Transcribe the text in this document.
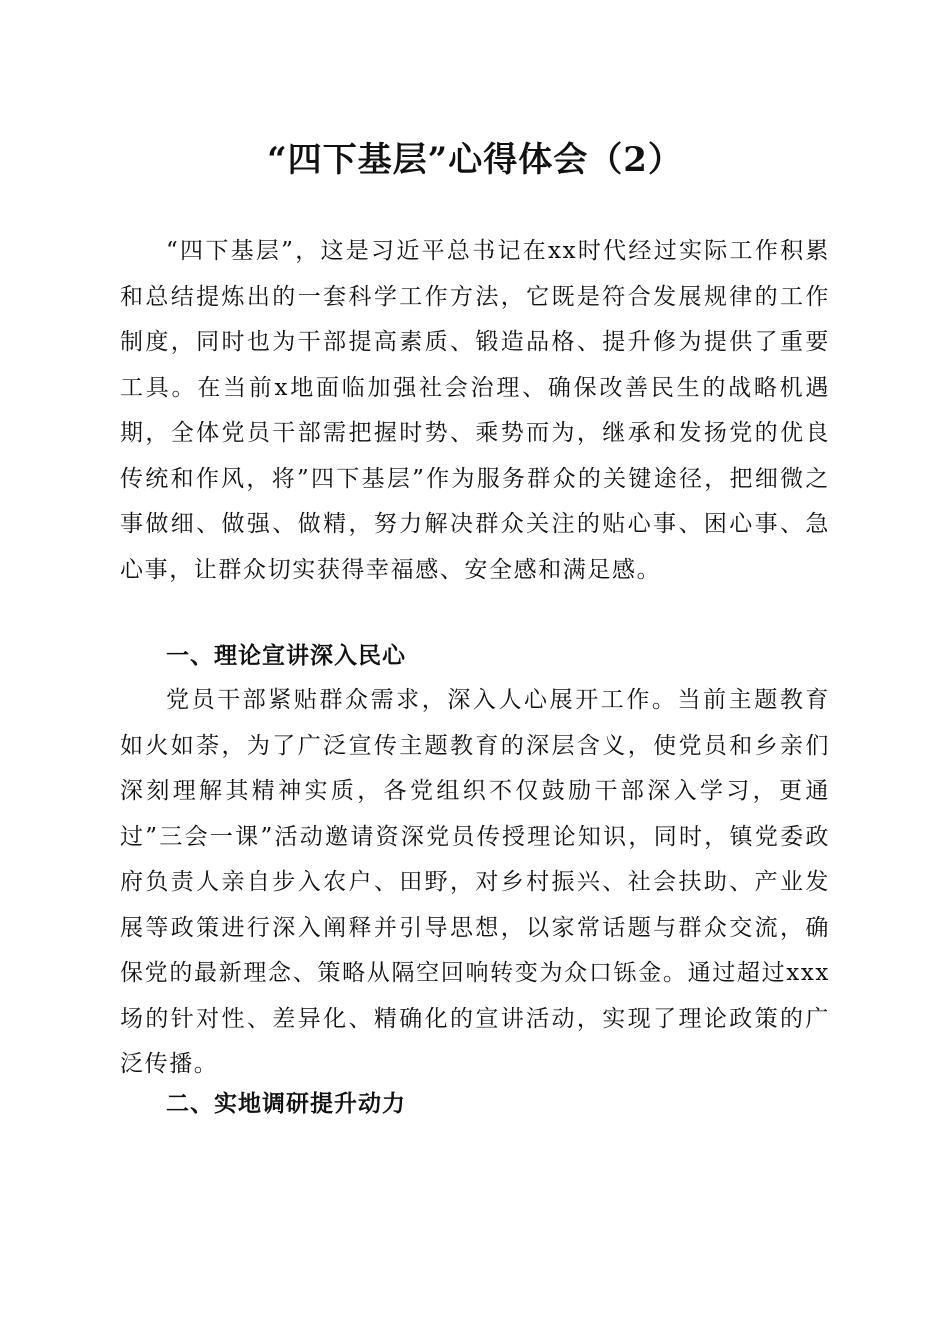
“四下基层”心得体会（2）

“四下基层”，这是习近平总书记在xx时代经过实际工作积累和总结提炼出的一套科学工作方法，它既是符合发展规律的工作制度，同时也为干部提高素质、锻造品格、提升修为提供了重要工具。在当前x地面临加强社会治理、确保改善民生的战略机遇期，全体党员干部需把握时势、乘势而为，继承和发扬党的优良传统和作风，将”四下基层”作为服务群众的关键途径，把细微之事做细、做强、做精，努力解决群众关注的贴心事、困心事、急心事，让群众切实获得幸福感、安全感和满足感。

一、理论宣讲深入民心

党员干部紧贴群众需求，深入人心展开工作。当前主题教育如火如荼，为了广泛宣传主题教育的深层含义，使党员和乡亲们深刻理解其精神实质，各党组织不仅鼓励干部深入学习，更通过”三会一课”活动邀请资深党员传授理论知识，同时，镇党委政府负责人亲自步入农户、田野，对乡村振兴、社会扶助、产业发展等政策进行深入阐释并引导思想，以家常话题与群众交流，确保党的最新理念、策略从隔空回响转变为众口铄金。通过超过xxx场的针对性、差异化、精确化的宣讲活动，实现了理论政策的广泛传播。

二、实地调研提升动力
